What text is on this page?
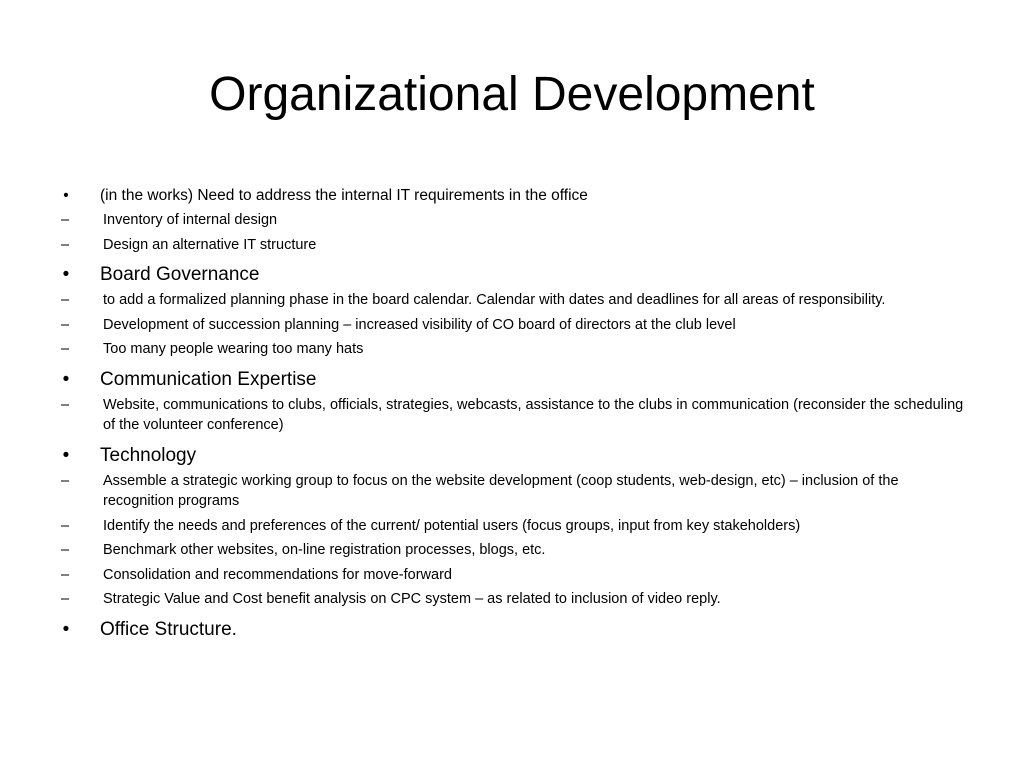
Organizational Development
• (in the works) Need to address the internal IT requirements in the office
– Inventory of internal design
– Design an alternative IT structure
• Board Governance
– to add a formalized planning phase in the board calendar. Calendar with dates and deadlines for all areas of responsibility.
– Development of succession planning – increased visibility of CO board of directors at the club level
– Too many people wearing too many hats
• Communication Expertise
– Website, communications to clubs, officials, strategies, webcasts, assistance to the clubs in communication (reconsider the scheduling of the volunteer conference)
• Technology
– Assemble a strategic working group to focus on the website development (coop students, web-design, etc) – inclusion of the recognition programs
– Identify the needs and preferences of the current/ potential users (focus groups, input from key stakeholders)
– Benchmark other websites, on-line registration processes, blogs, etc.
– Consolidation and recommendations for move-forward
– Strategic Value and Cost benefit analysis on CPC system – as related to inclusion of video reply.
• Office Structure.
